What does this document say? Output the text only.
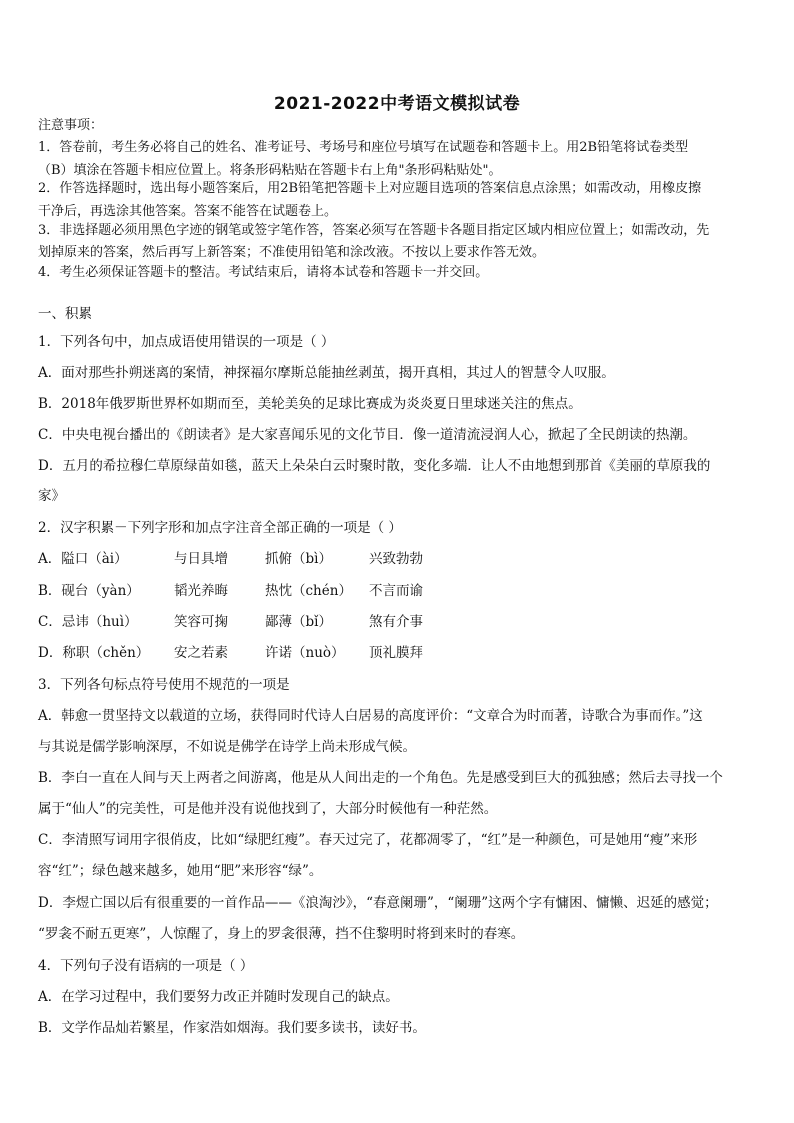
2021-2022中考语文模拟试卷
注意事项：
1．答卷前，考生务必将自己的姓名、准考证号、考场号和座位号填写在试题卷和答题卡上。用2B铅笔将试卷类型
（B）填涂在答题卡相应位置上。将条形码粘贴在答题卡右上角"条形码粘贴处"。
2．作答选择题时，选出每小题答案后，用2B铅笔把答题卡上对应题目选项的答案信息点涂黑；如需改动，用橡皮擦
干净后，再选涂其他答案。答案不能答在试题卷上。
3．非选择题必须用黑色字迹的钢笔或签字笔作答，答案必须写在答题卡各题目指定区域内相应位置上；如需改动，先
划掉原来的答案，然后再写上新答案；不准使用铅笔和涂改液。不按以上要求作答无效。
4．考生必须保证答题卡的整洁。考试结束后，请将本试卷和答题卡一并交回。
一、积累
1．下列各句中，加点成语使用错误的一项是（ ）
A．面对那些扑朔迷离的案情，神探福尔摩斯总能抽丝剥茧，揭开真相，其过人的智慧令人叹服。
B．2018年俄罗斯世界杯如期而至，美轮美奂的足球比赛成为炎炎夏日里球迷关注的焦点。
C．中央电视台播出的《朗读者》是大家喜闻乐见的文化节目．像一道清流浸润人心，掀起了全民朗读的热潮。
D．五月的希拉穆仁草原绿苗如毯，蓝天上朵朵白云时聚时散，变化多端．让人不由地想到那首《美丽的草原我的
家》
2．汉字积累－下列字形和加点字注音全部正确的一项是（ ）
A．隘口（ài）	与日具增	抓俯（bì）	兴致勃勃
B．砚台（yàn）	韬光养晦	热忱（chén） 不言而谕
C．忌讳（huì）	笑容可掬	鄙薄（bǐ）	煞有介事
D．称职（chěn） 安之若素	许诺（nuò） 顶礼膜拜
3．下列各句标点符号使用不规范的一项是
A．韩愈一贯坚持文以载道的立场，获得同时代诗人白居易的高度评价：“文章合为时而著，诗歌合为事而作。”这
与其说是儒学影响深厚，不如说是佛学在诗学上尚未形成气候。
B．李白一直在人间与天上两者之间游离，他是从人间出走的一个角色。先是感受到巨大的孤独感；然后去寻找一个
属于“仙人”的完美性，可是他并没有说他找到了，大部分时候他有一种茫然。
C．李清照写词用字很俏皮，比如“绿肥红瘦”。春天过完了，花都凋零了，“红”是一种颜色，可是她用“瘦”来形
容“红”；绿色越来越多，她用“肥”来形容“绿”。
D．李煜亡国以后有很重要的一首作品——《浪淘沙》，“春意阑珊”，“阑珊”这两个字有慵困、慵懒、迟延的感觉；
“罗衾不耐五更寒”，人惊醒了，身上的罗衾很薄，挡不住黎明时将到来时的春寒。
4．下列句子没有语病的一项是（ ）
A．在学习过程中，我们要努力改正并随时发现自己的缺点。
B．文学作品灿若繁星，作家浩如烟海。我们要多读书，读好书。
